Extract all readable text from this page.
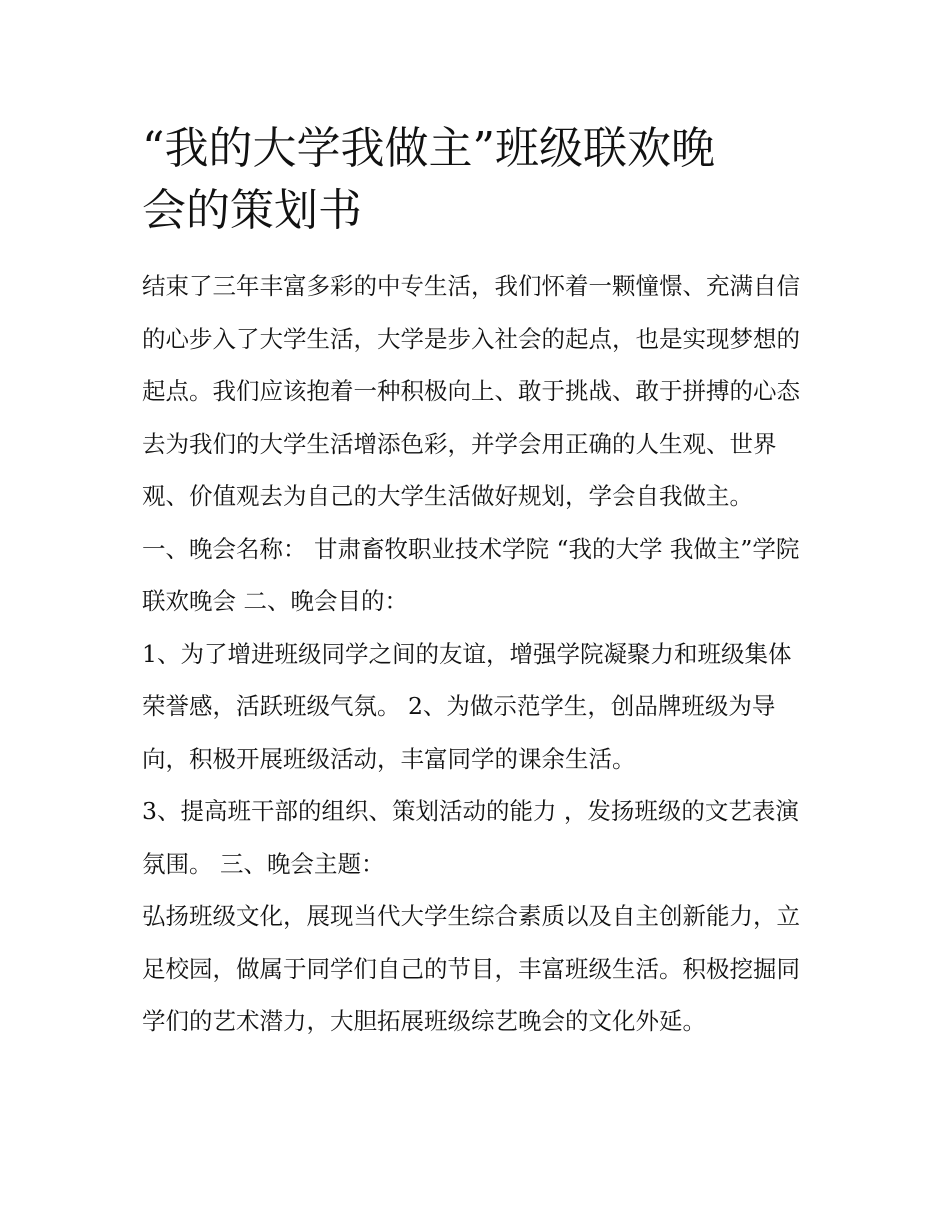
“我的大学我做主”班级联欢晚
会的策划书

结束了三年丰富多彩的中专生活，我们怀着一颗憧憬、充满自信的心步入了大学生活，大学是步入社会的起点，也是实现梦想的起点。我们应该抱着一种积极向上、敢于挑战、敢于拼搏的心态去为我们的大学生活增添色彩，并学会用正确的人生观、世界观、价值观去为自己的大学生活做好规划，学会自我做主。

一、晚会名称： 甘肃畜牧职业技术学院 “我的大学 我做主”学院联欢晚会 二、晚会目的：

1、为了增进班级同学之间的友谊，增强学院凝聚力和班级集体荣誉感，活跃班级气氛。 2、为做示范学生，创品牌班级为导向，积极开展班级活动，丰富同学的课余生活。

3、提高班干部的组织、策划活动的能力 ，发扬班级的文艺表演氛围。 三、晚会主题：

弘扬班级文化，展现当代大学生综合素质以及自主创新能力，立足校园，做属于同学们自己的节目，丰富班级生活。积极挖掘同学们的艺术潜力，大胆拓展班级综艺晚会的文化外延。
